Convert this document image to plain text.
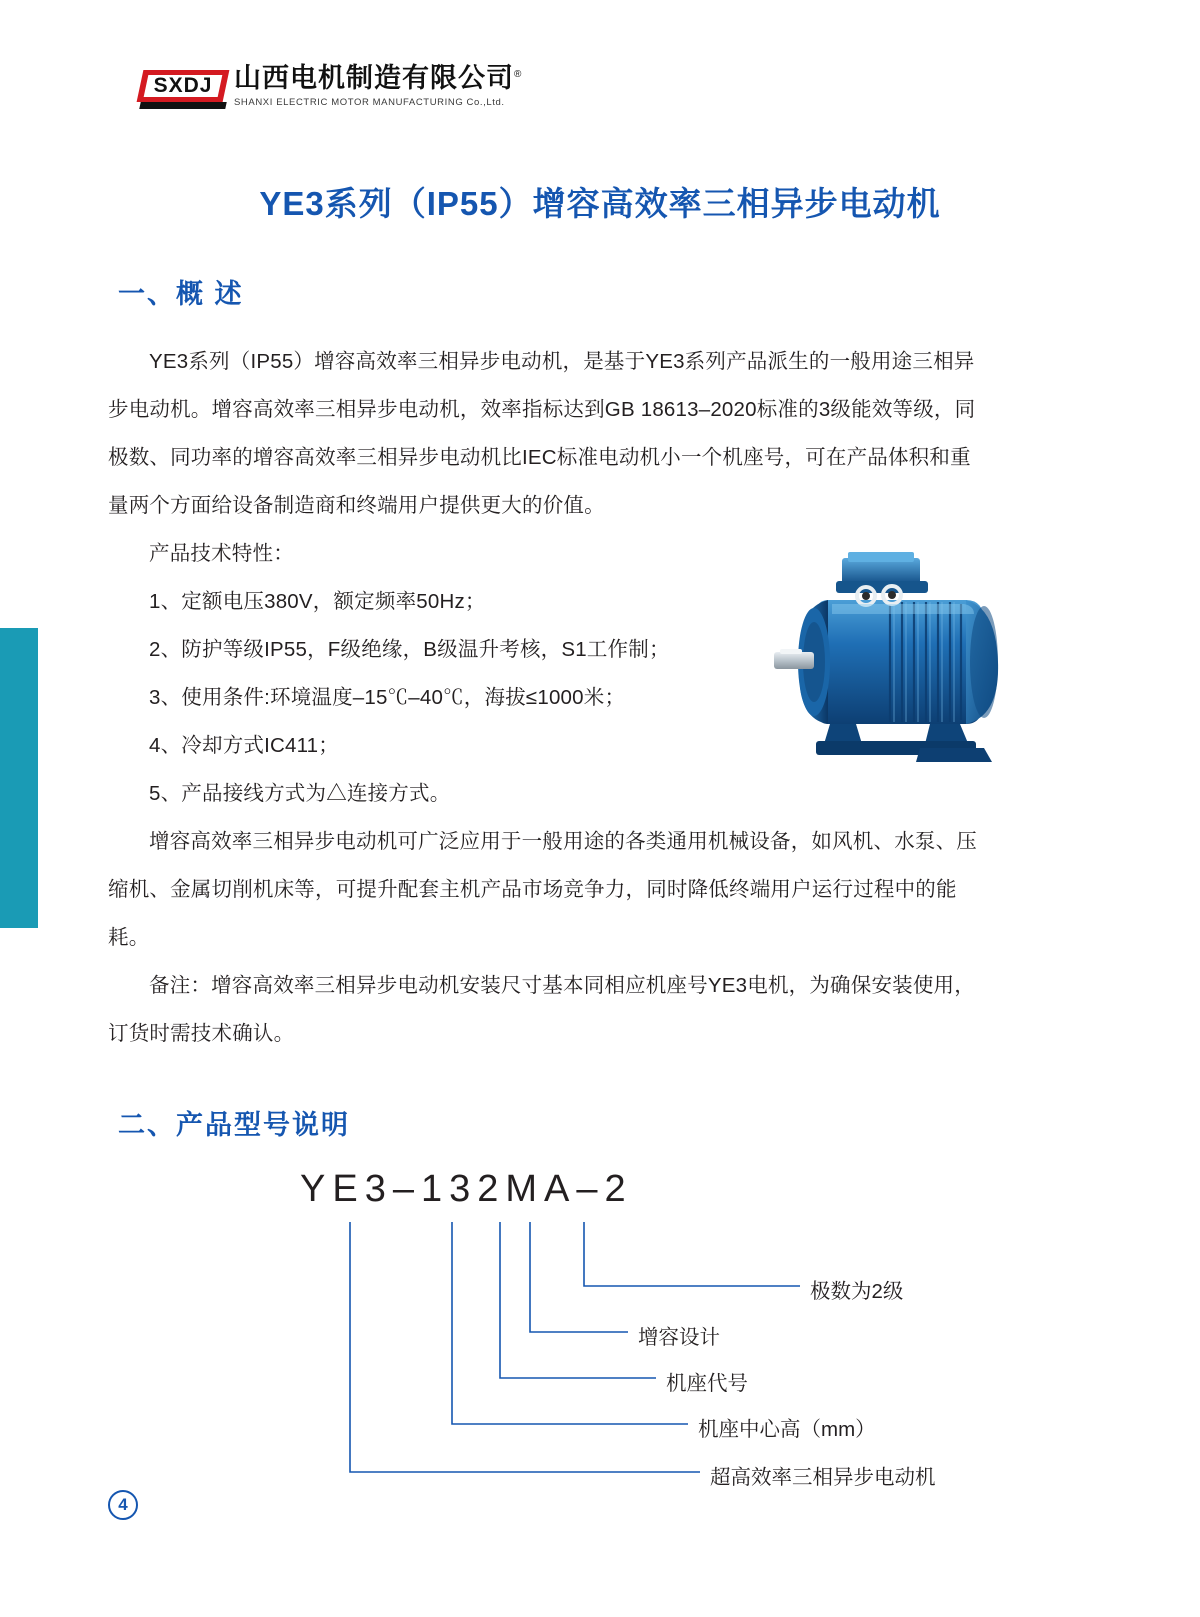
SXDJ 山西电机制造有限公司®
SHANXI ELECTRIC MOTOR MANUFACTURING Co.,Ltd.
YE3系列（IP55）增容高效率三相异步电动机
一、概 述

YE3系列（IP55）增容高效率三相异步电动机，是基于YE3系列产品派生的一般用途三相异步电动机。增容高效率三相异步电动机，效率指标达到GB 18613–2020标准的3级能效等级，同极数、同功率的增容高效率三相异步电动机比IEC标准电动机小一个机座号，可在产品体积和重量两个方面给设备制造商和终端用户提供更大的价值。

产品技术特性：

1、定额电压380V，额定频率50Hz；

2、防护等级IP55，F级绝缘，B级温升考核，S1工作制；

3、使用条件:环境温度–15℃–40℃，海拔≤1000米；

4、冷却方式IC411；

5、产品接线方式为△连接方式。

增容高效率三相异步电动机可广泛应用于一般用途的各类通用机械设备，如风机、水泵、压缩机、金属切削机床等，可提升配套主机产品市场竞争力，同时降低终端用户运行过程中的能耗。

备注：增容高效率三相异步电动机安装尺寸基本同相应机座号YE3电机，为确保安装使用，订货时需技术确认。

二、产品型号说明
YE3–132MA–2
极数为2级
增容设计
机座代号
机座中心高（mm）
超高效率三相异步电动机
4
